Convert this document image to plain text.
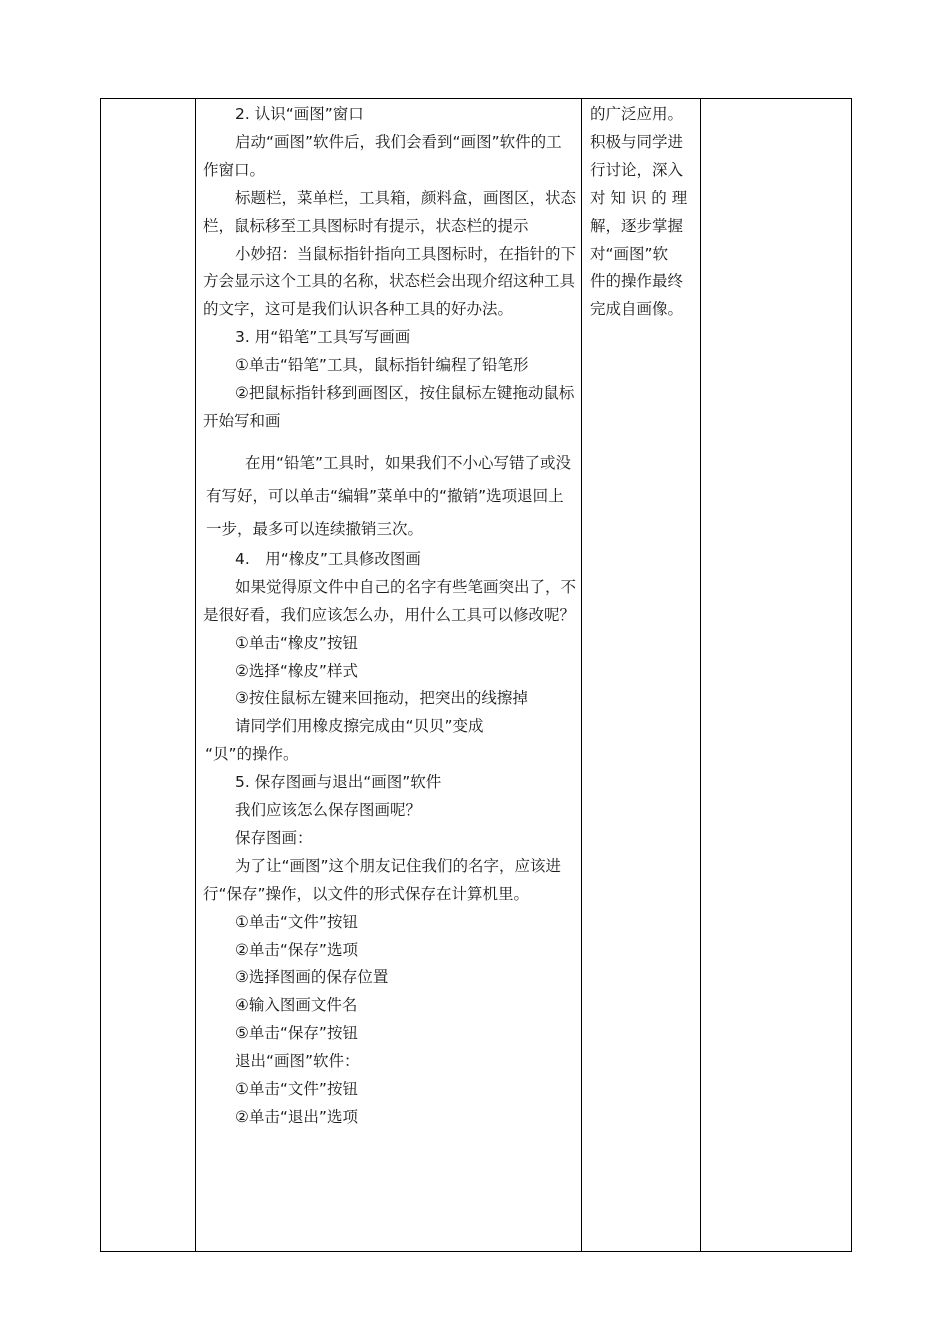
2. 认识“画图”窗口
启动“画图”软件后，我们会看到“画图”软件的工作窗口。
标题栏，菜单栏，工具箱，颜料盒，画图区，状态栏，鼠标移至工具图标时有提示，状态栏的提示
小妙招：当鼠标指针指向工具图标时，在指针的下方会显示这个工具的名称，状态栏会出现介绍这种工具的文字，这可是我们认识各种工具的好办法。
3. 用“铅笔”工具写写画画
①单击“铅笔”工具，鼠标指针编程了铅笔形
②把鼠标指针移到画图区，按住鼠标左键拖动鼠标开始写和画
在用“铅笔”工具时，如果我们不小心写错了或没有写好，可以单击“编辑”菜单中的“撤销”选项退回上一步，最多可以连续撤销三次。
4.　用“橡皮”工具修改图画
如果觉得原文件中自己的名字有些笔画突出了，不是很好看，我们应该怎么办，用什么工具可以修改呢？
①单击“橡皮”按钮
②选择“橡皮”样式
③按住鼠标左键来回拖动，把突出的线擦掉
请同学们用橡皮擦完成由“贝贝”变成
“贝”的操作。
5. 保存图画与退出“画图”软件
我们应该怎么保存图画呢？
保存图画：
为了让“画图”这个朋友记住我们的名字，应该进行“保存”操作，以文件的形式保存在计算机里。
①单击“文件”按钮
②单击“保存”选项
③选择图画的保存位置
④输入图画文件名
⑤单击“保存”按钮
退出“画图”软件：
①单击“文件”按钮
②单击“退出”选项

的广泛应用。
积极与同学进
行讨论，深入
对 知 识 的 理
解，逐步掌握
对“画图”软
件的操作最终
完成自画像。
